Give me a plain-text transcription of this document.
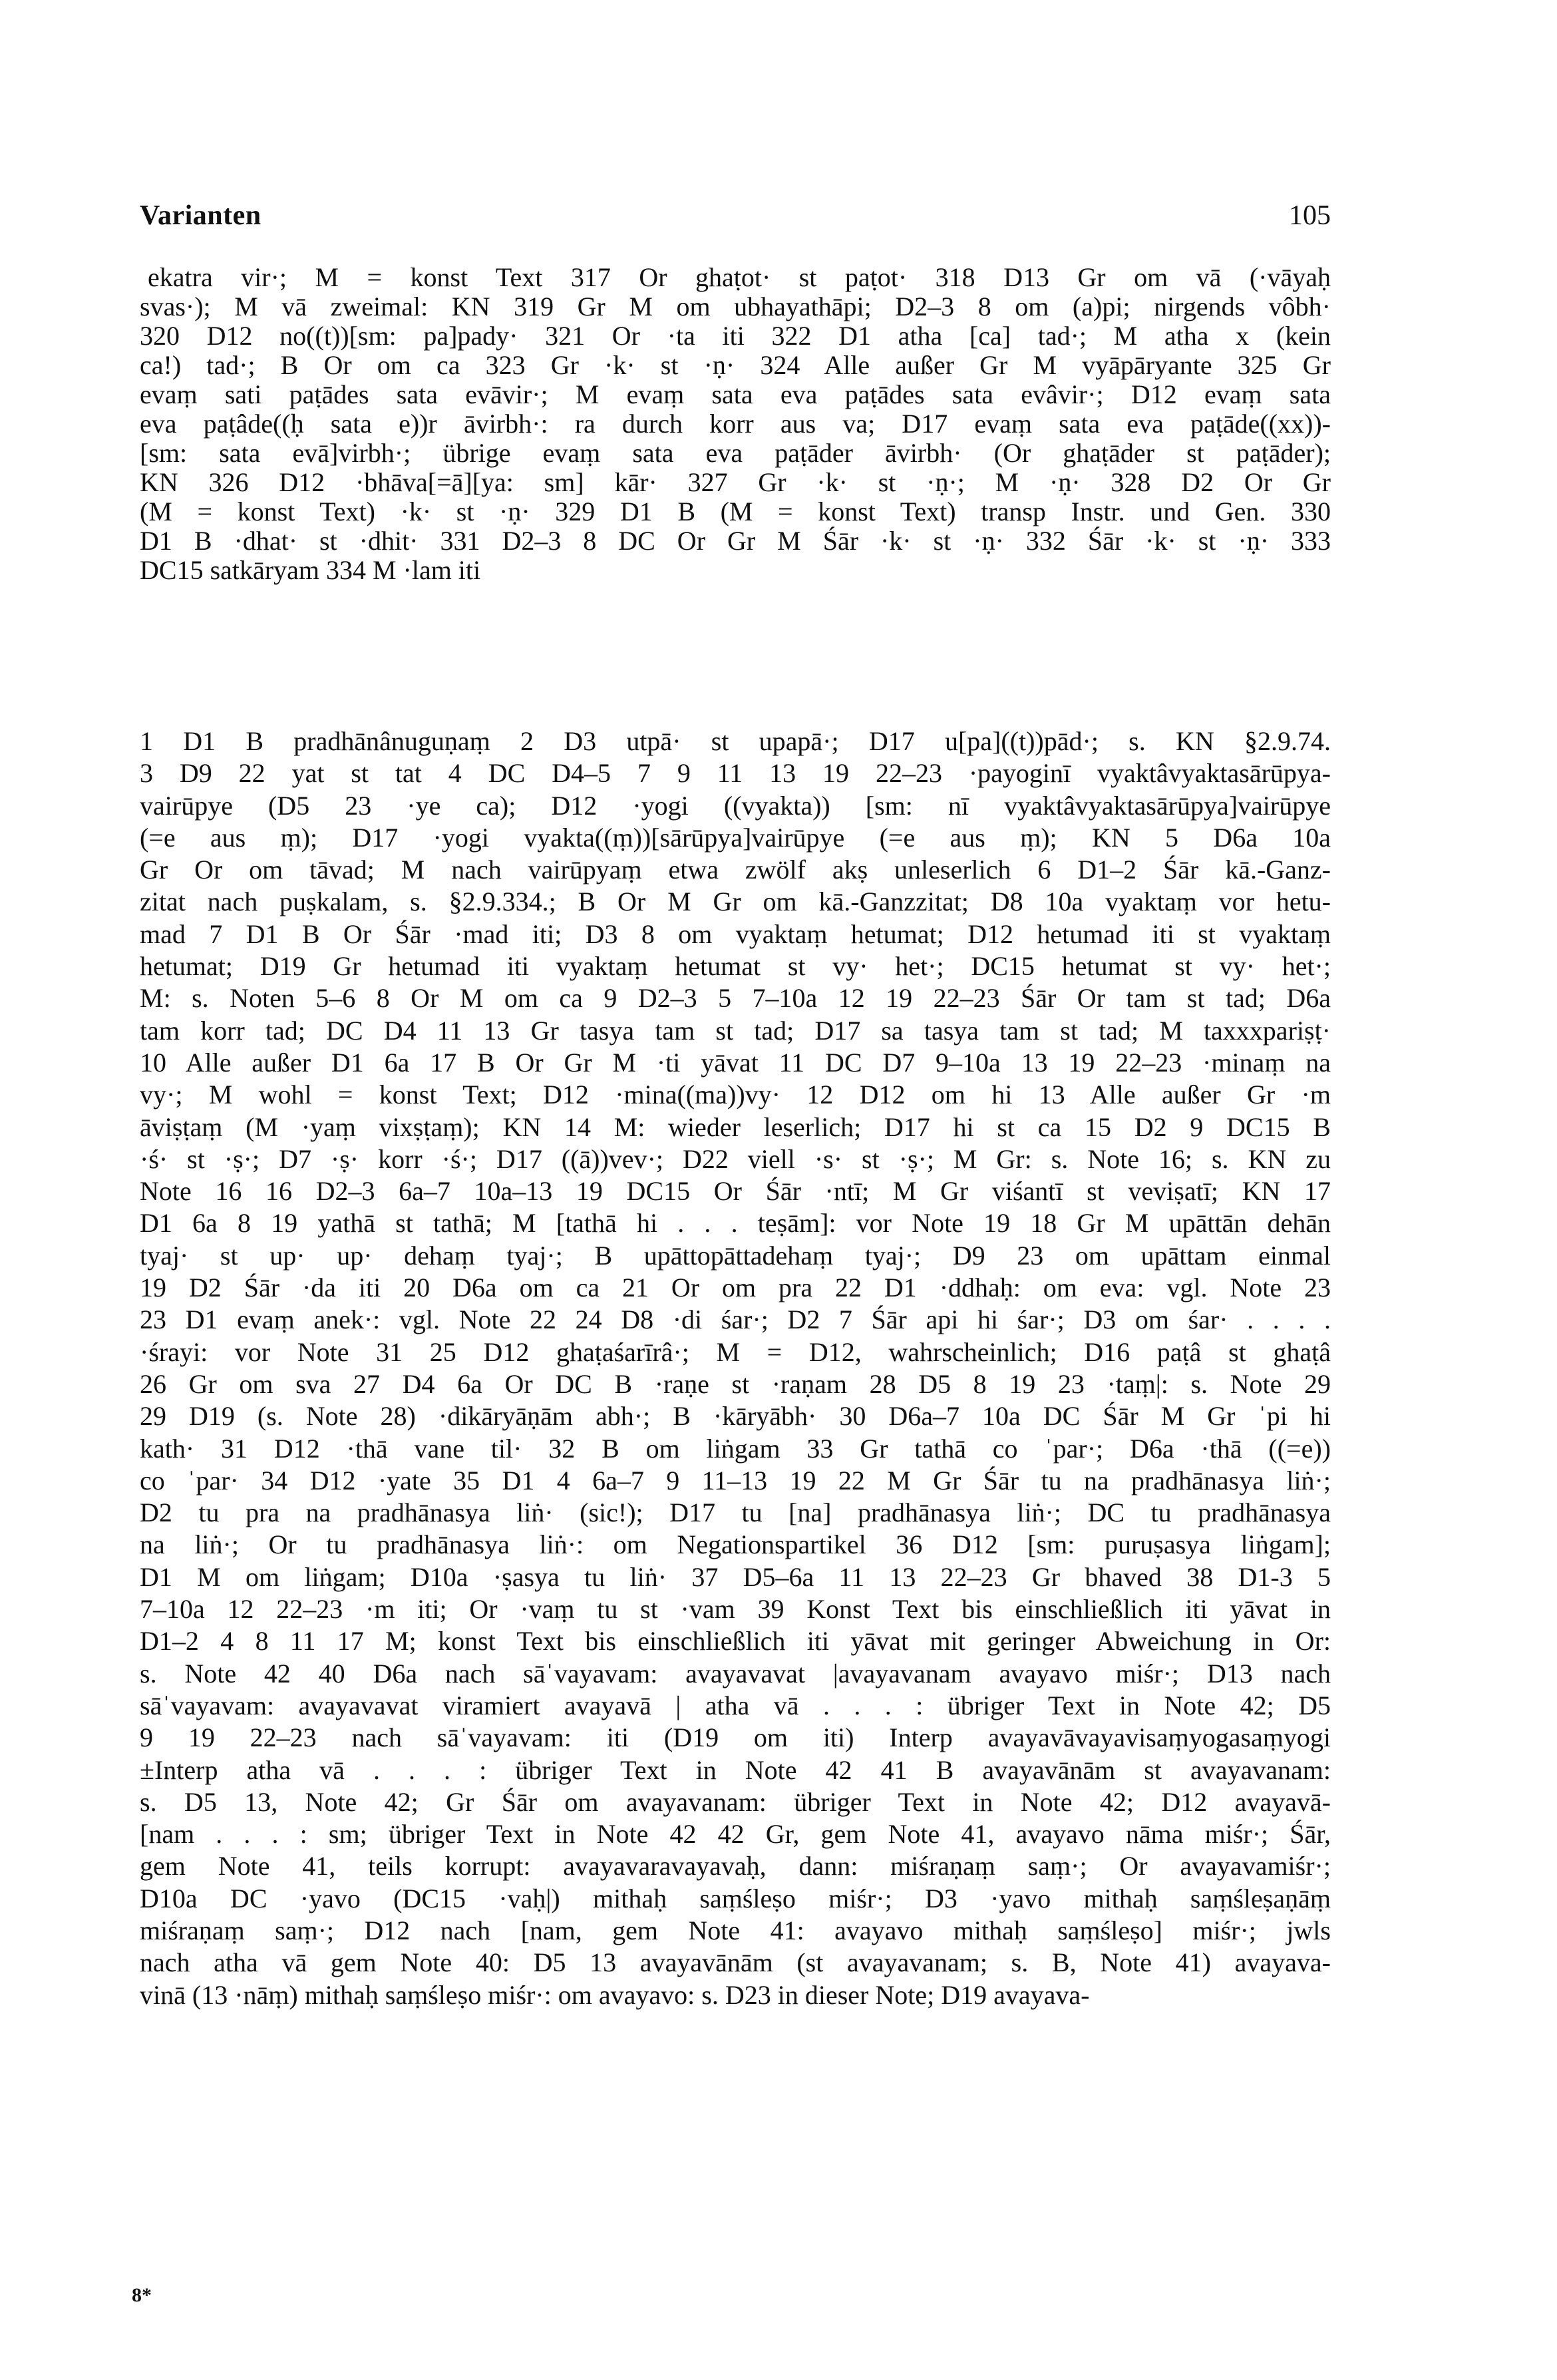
Varianten	105
ekatra vir·; M = konst Text 317 Or ghaṭot· st paṭot· 318 D13 Gr om vā (·vāyaḥ
svas·); M vā zweimal: KN 319 Gr M om ubhayathāpi; D2–3 8 om (a)pi; nirgends vôbh·
320 D12 no((t))[sm: pa]pady· 321 Or ·ta iti 322 D1 atha [ca] tad·; M atha x (kein
ca!) tad·; B Or om ca 323 Gr ·k· st ·ṇ· 324 Alle außer Gr M vyāpāryante 325 Gr
evaṃ sati paṭādes sata evāvir·; M evaṃ sata eva paṭādes sata evâvir·; D12 evaṃ sata
eva paṭâde((ḥ sata e))r āvirbh·: ra durch korr aus va; D17 evaṃ sata eva paṭāde((xx))-
[sm: sata evā]virbh·; übrige evaṃ sata eva paṭāder āvirbh· (Or ghaṭāder st paṭāder);
KN 326 D12 ·bhāva[=ā][ya: sm] kār· 327 Gr ·k· st ·ṇ·; M ·ṇ· 328 D2 Or Gr
(M = konst Text) ·k· st ·ṇ· 329 D1 B (M = konst Text) transp Instr. und Gen. 330
D1 B ·dhat· st ·dhit· 331 D2–3 8 DC Or Gr M Śār ·k· st ·ṇ· 332 Śār ·k· st ·ṇ· 333
DC15 satkāryam 334 M ·lam iti
1 D1 B pradhānânuguṇaṃ 2 D3 utpā· st upapā·; D17 u[pa]((t))pād·; s. KN §2.9.74.
3 D9 22 yat st tat 4 DC D4–5 7 9 11 13 19 22–23 ·payoginī vyaktâvyaktasārūpya-
vairūpye (D5 23 ·ye ca); D12 ·yogi ((vyakta)) [sm: nī vyaktâvyaktasārūpya]vairūpye
(=e aus ṃ); D17 ·yogi vyakta((ṃ))[sārūpya]vairūpye (=e aus ṃ); KN 5 D6a 10a
Gr Or om tāvad; M nach vairūpyaṃ etwa zwölf akṣ unleserlich 6 D1–2 Śār kā.-Ganz-
zitat nach puṣkalam, s. §2.9.334.; B Or M Gr om kā.-Ganzzitat; D8 10a vyaktaṃ vor hetu-
mad 7 D1 B Or Śār ·mad iti; D3 8 om vyaktaṃ hetumat; D12 hetumad iti st vyaktaṃ
hetumat; D19 Gr hetumad iti vyaktaṃ hetumat st vy· het·; DC15 hetumat st vy· het·;
M: s. Noten 5–6 8 Or M om ca 9 D2–3 5 7–10a 12 19 22–23 Śār Or tam st tad; D6a
tam korr tad; DC D4 11 13 Gr tasya tam st tad; D17 sa tasya tam st tad; M taxxxpariṣṭ·
10 Alle außer D1 6a 17 B Or Gr M ·ti yāvat 11 DC D7 9–10a 13 19 22–23 ·minaṃ na
vy·; M wohl = konst Text; D12 ·mina((ma))vy· 12 D12 om hi 13 Alle außer Gr ·m
āviṣṭaṃ (M ·yaṃ vixṣṭaṃ); KN 14 M: wieder leserlich; D17 hi st ca 15 D2 9 DC15 B
·ś· st ·ṣ·; D7 ·ṣ· korr ·ś·; D17 ((ā))vev·; D22 viell ·s· st ·ṣ·; M Gr: s. Note 16; s. KN zu
Note 16 16 D2–3 6a–7 10a–13 19 DC15 Or Śār ·ntī; M Gr viśantī st veviṣatī; KN 17
D1 6a 8 19 yathā st tathā; M [tathā hi . . . teṣām]: vor Note 19 18 Gr M upāttān dehān
tyaj· st up· up· dehaṃ tyaj·; B upāttopāttadehaṃ tyaj·; D9 23 om upāttam einmal
19 D2 Śār ·da iti 20 D6a om ca 21 Or om pra 22 D1 ·ddhaḥ: om eva: vgl. Note 23
23 D1 evaṃ anek·: vgl. Note 22 24 D8 ·di śar·; D2 7 Śār api hi śar·; D3 om śar· . . . .
·śrayi: vor Note 31 25 D12 ghaṭaśarīrâ·; M = D12, wahrscheinlich; D16 paṭâ st ghaṭâ
26 Gr om sva 27 D4 6a Or DC B ·raṇe st ·raṇam 28 D5 8 19 23 ·taṃ|: s. Note 29
29 D19 (s. Note 28) ·dikāryāṇām abh·; B ·kāryābh· 30 D6a–7 10a DC Śār M Gr ˈpi hi
kath· 31 D12 ·thā vane til· 32 B om liṅgam 33 Gr tathā co ˈpar·; D6a ·thā ((=e))
co ˈpar· 34 D12 ·yate 35 D1 4 6a–7 9 11–13 19 22 M Gr Śār tu na pradhānasya liṅ·;
D2 tu pra na pradhānasya liṅ· (sic!); D17 tu [na] pradhānasya liṅ·; DC tu pradhānasya
na liṅ·; Or tu pradhānasya liṅ·: om Negationspartikel 36 D12 [sm: puruṣasya liṅgam];
D1 M om liṅgam; D10a ·ṣasya tu liṅ· 37 D5–6a 11 13 22–23 Gr bhaved 38 D1-3 5
7–10a 12 22–23 ·m iti; Or ·vaṃ tu st ·vam 39 Konst Text bis einschließlich iti yāvat in
D1–2 4 8 11 17 M; konst Text bis einschließlich iti yāvat mit geringer Abweichung in Or:
s. Note 42 40 D6a nach sāˈvayavam: avayavavat |avayavanam avayavo miśr·; D13 nach
sāˈvayavam: avayavavat viramiert avayavā | atha vā . . . : übriger Text in Note 42; D5
9 19 22–23 nach sāˈvayavam: iti (D19 om iti) Interp avayavāvayavisaṃyogasaṃyogi
±Interp atha vā . . . : übriger Text in Note 42 41 B avayavānām st avayavanam:
s. D5 13, Note 42; Gr Śār om avayavanam: übriger Text in Note 42; D12 avayavā-
[nam . . . : sm; übriger Text in Note 42 42 Gr, gem Note 41, avayavo nāma miśr·; Śār,
gem Note 41, teils korrupt: avayavaravayavaḥ, dann: miśraṇaṃ saṃ·; Or avayavamiśr·;
D10a DC ·yavo (DC15 ·vaḥ|) mithaḥ saṃśleṣo miśr·; D3 ·yavo mithaḥ saṃśleṣaṇāṃ
miśraṇaṃ saṃ·; D12 nach [nam, gem Note 41: avayavo mithaḥ saṃśleṣo] miśr·; jwls
nach atha vā gem Note 40: D5 13 avayavānām (st avayavanam; s. B, Note 41) avayava-
vinā (13 ·nāṃ) mithaḥ saṃśleṣo miśr·: om avayavo: s. D23 in dieser Note; D19 avayava-
8*
